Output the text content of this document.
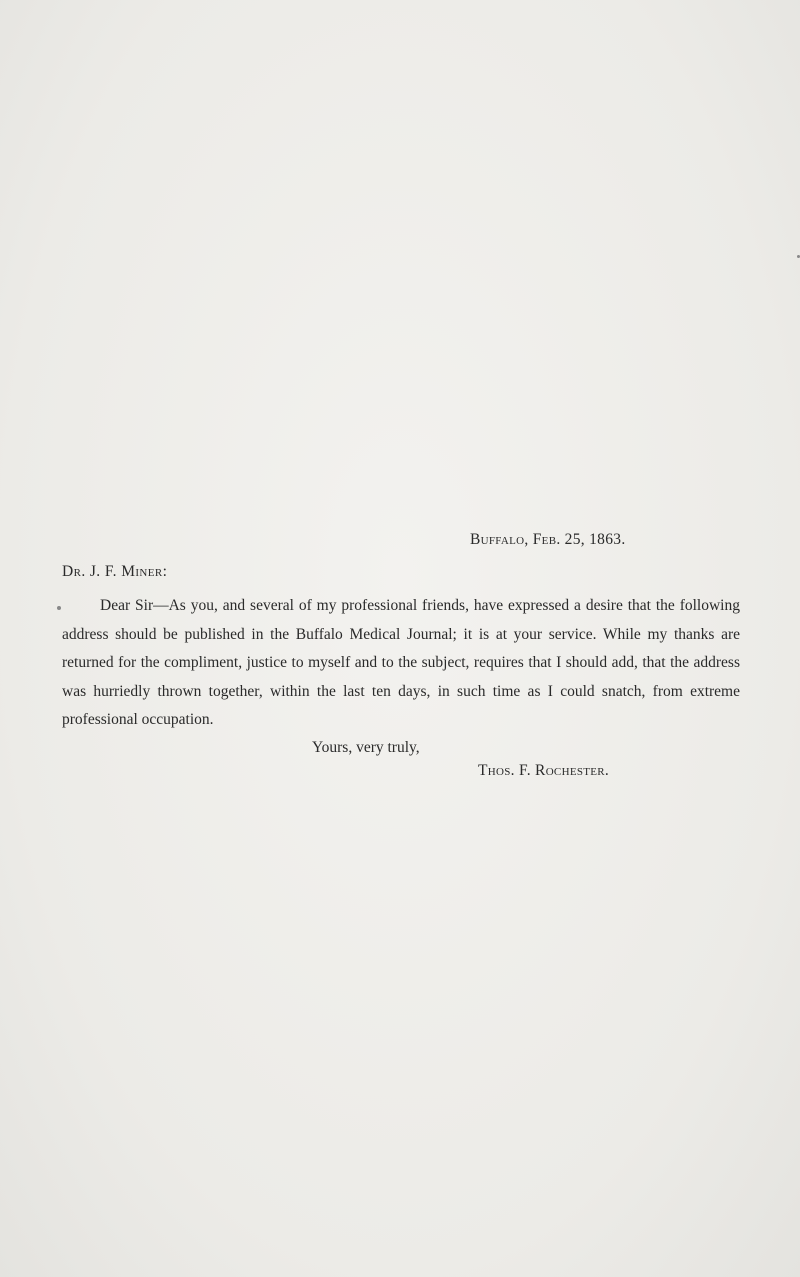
Buffalo, Feb. 25, 1863.
Dr. J. F. Miner:

Dear Sir—As you, and several of my professional friends, have expressed a desire that the following address should be published in the Buffalo Medical Journal; it is at your service. While my thanks are returned for the compliment, justice to myself and to the subject, requires that I should add, that the address was hurriedly thrown together, within the last ten days, in such time as I could snatch, from extreme professional occupation.

Yours, very truly,
Thos. F. Rochester.
